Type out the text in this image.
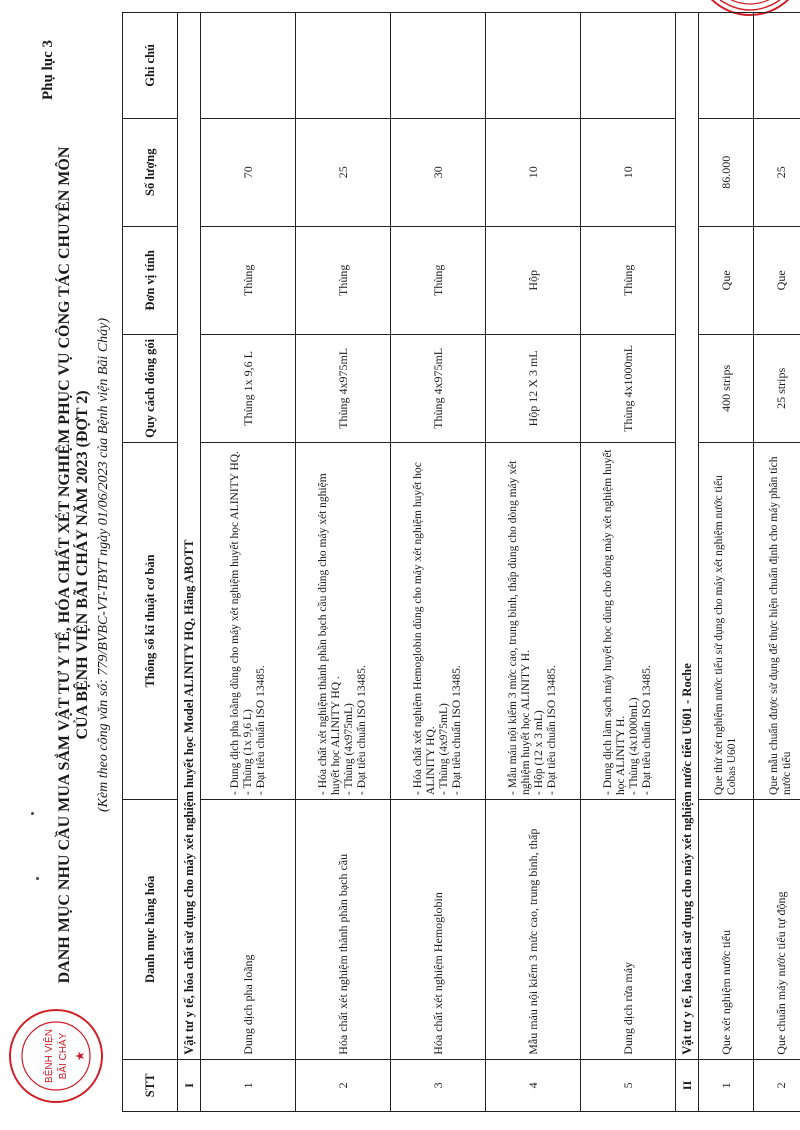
Phụ lục 3
BỆNH VIỆN BÃI CHÁY ★
DANH MỤC NHU CẦU MUA SẮM VẬT TƯ Y TẾ, HÓA CHẤT XÉT NGHIỆM PHỤC VỤ CÔNG TÁC CHUYÊN MÔN CỦA BỆNH VIỆN BÃI CHÁY NĂM 2023 (ĐỢT 2) (Kèm theo công văn số: 779/BVBC-VT-TBYT ngày 01/06/2023 của Bệnh viện Bãi Cháy)
STT	Danh mục hàng hóa	Thông số kĩ thuật cơ bản	Quy cách đóng gói	Đơn vị tính	Số lượng	Ghi chú
I	Vật tư y tế, hóa chất sử dụng cho máy xét nghiệm huyết học Model ALINITY HQ, Hãng ABOTT					
1	Dung dịch pha loãng	- Dung dịch pha loãng dùng cho máy xét nghiệm huyết học ALINITY HQ. - Thùng (1x 9,6 L) - Đạt tiêu chuẩn ISO 13485.	Thùng 1x 9,6 L	Thùng	70	
2	Hóa chất xét nghiệm thành phần bạch cầu	- Hóa chất xét nghiệm thành phần bạch cầu dùng cho máy xét nghiệm huyết học ALINITY HQ . - Thùng (4x975mL) - Đạt tiêu chuẩn ISO 13485.	Thùng 4x975mL	Thùng	25	
3	Hóa chất xét nghiệm Hemoglobin	- Hóa chất xét nghiệm Hemoglobin dùng cho máy xét nghiệm huyết học ALINITY HQ. - Thùng (4x975mL) - Đạt tiêu chuẩn ISO 13485.	Thùng 4x975mL	Thùng	30	
4	Mẫu máu nội kiểm 3 mức cao, trung bình, thấp	- Mẫu máu nội kiểm 3 mức cao, trung bình, thấp dùng cho dòng máy xét nghiệm huyết học ALINITY H. - Hộp (12 x 3 mL) - Đạt tiêu chuẩn ISO 13485.	Hộp 12 X 3 mL	Hộp	10	
5	Dung dịch rửa máy	- Dung dịch làm sạch máy huyết học dùng cho dòng máy xét nghiệm huyết học ALINITY H. - Thùng (4x1000mL) - Đạt tiêu chuẩn ISO 13485.	Thùng 4x1000mL	Thùng	10	
II	Vật tư y tế, hóa chất sử dụng cho máy xét nghiệm nước tiểu U601 - Roche					
1	Que xét nghiệm nước tiểu	Que thử xét nghiệm nước tiểu sử dụng cho máy xét nghiệm nước tiểu Cobas U601	400 strips	Que	86.000	
2	Que chuẩn máy nước tiểu tự động	Que mẫu chuẩn được sử dụng để thực hiện chuẩn định cho máy phân tích nước tiểu	25 strips	Que	25	
